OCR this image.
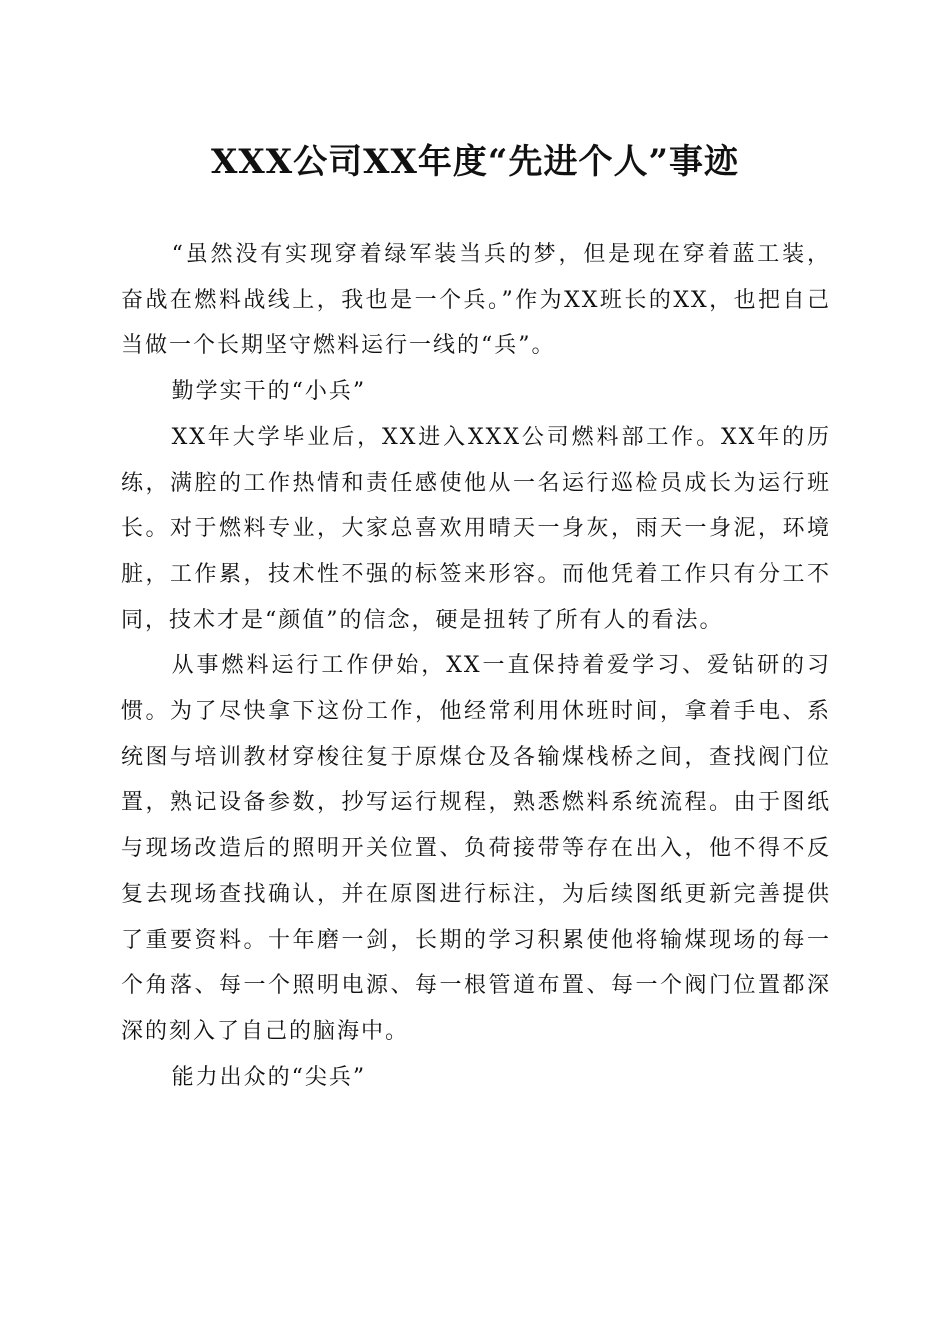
XXX公司XX年度“先进个人”事迹

“虽然没有实现穿着绿军装当兵的梦，但是现在穿着蓝工装，奋战在燃料战线上，我也是一个兵。”作为XX班长的XX，也把自己当做一个长期坚守燃料运行一线的“兵”。

勤学实干的“小兵”

XX年大学毕业后，XX进入XXX公司燃料部工作。XX年的历练，满腔的工作热情和责任感使他从一名运行巡检员成长为运行班长。对于燃料专业，大家总喜欢用晴天一身灰，雨天一身泥，环境脏，工作累，技术性不强的标签来形容。而他凭着工作只有分工不同，技术才是“颜值”的信念，硬是扭转了所有人的看法。

从事燃料运行工作伊始，XX一直保持着爱学习、爱钻研的习惯。为了尽快拿下这份工作，他经常利用休班时间，拿着手电、系统图与培训教材穿梭往复于原煤仓及各输煤栈桥之间，查找阀门位置，熟记设备参数，抄写运行规程，熟悉燃料系统流程。由于图纸与现场改造后的照明开关位置、负荷接带等存在出入，他不得不反复去现场查找确认，并在原图进行标注，为后续图纸更新完善提供了重要资料。十年磨一剑，长期的学习积累使他将输煤现场的每一个角落、每一个照明电源、每一根管道布置、每一个阀门位置都深深的刻入了自己的脑海中。

能力出众的“尖兵”
